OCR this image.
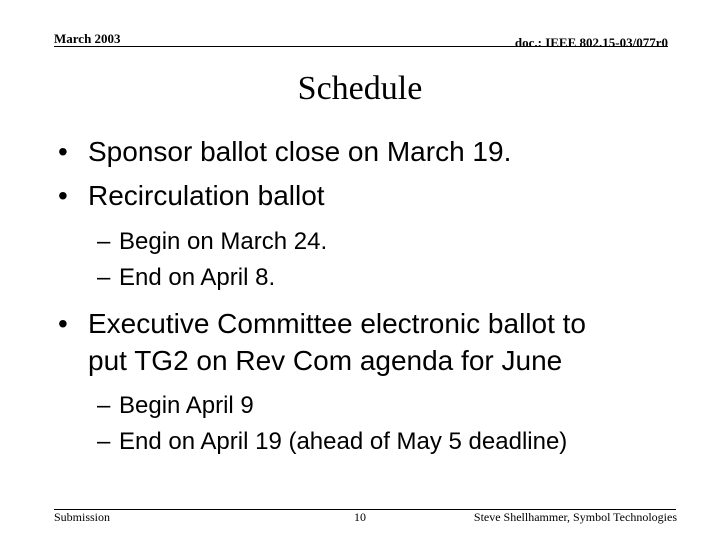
March 2003	doc.: IEEE 802.15-03/077r0
Schedule
• Sponsor ballot close on March 19.
• Recirculation ballot
– Begin on March 24.
– End on April 8.
• Executive Committee electronic ballot to
put TG2 on Rev Com agenda for June
– Begin April 9
– End on April 19 (ahead of May 5 deadline)
Submission	10	Steve Shellhammer, Symbol Technologies
